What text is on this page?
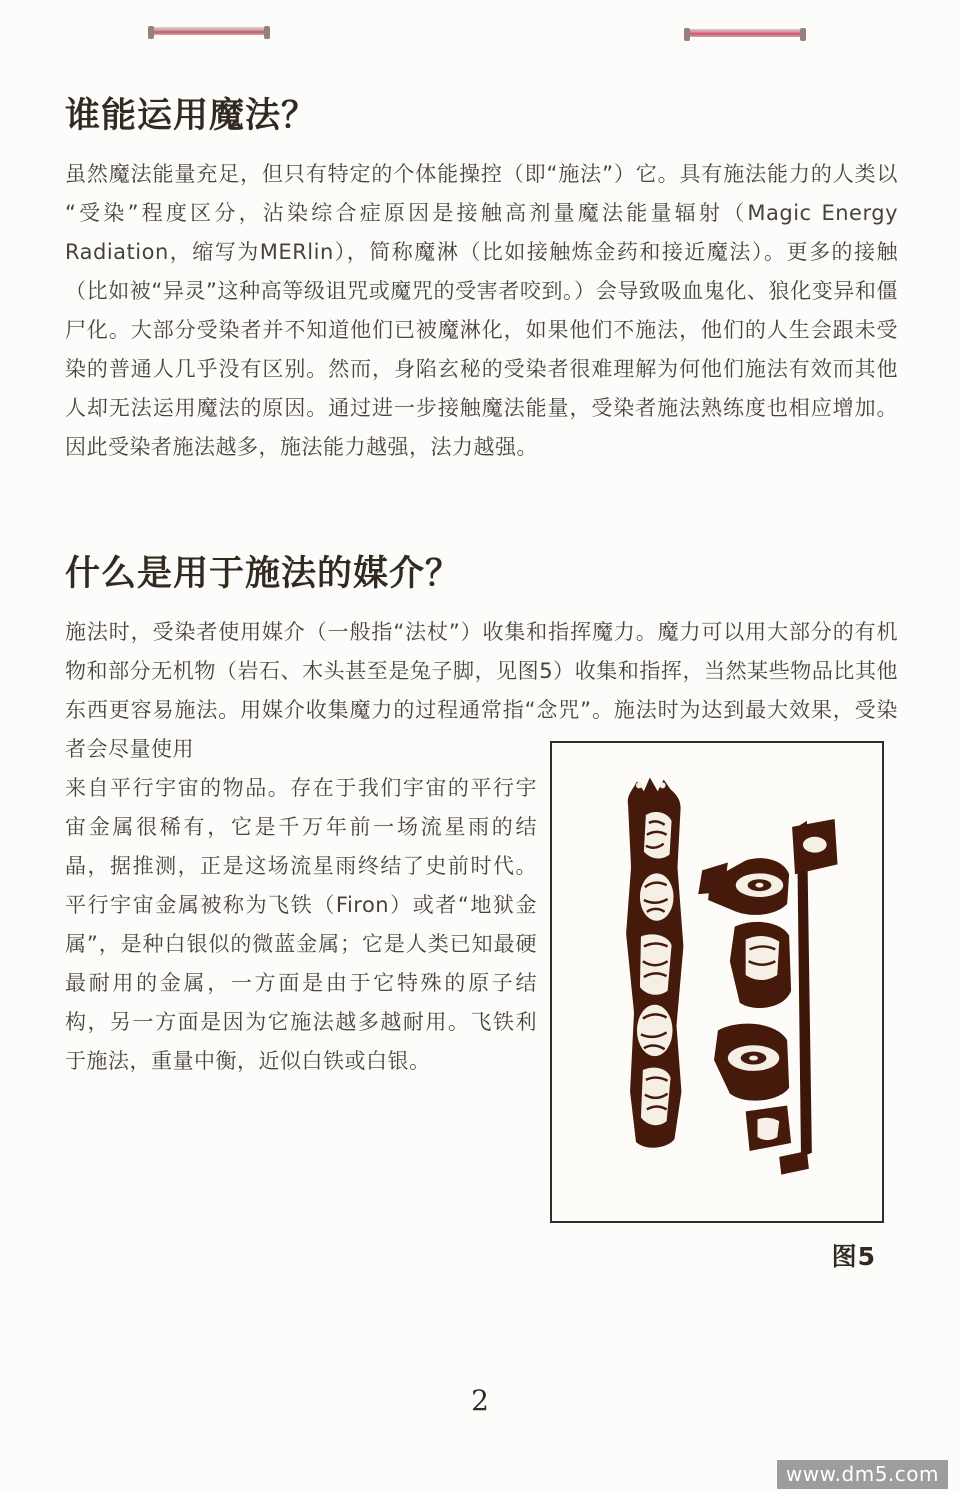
谁能运用魔法？

虽然魔法能量充足，但只有特定的个体能操控（即“施法”）它。具有施法能力的人类以“受染”程度区分，沾染综合症原因是接触高剂量魔法能量辐射（Magic Energy Radiation，缩写为MERlin），简称魔淋（比如接触炼金药和接近魔法）。更多的接触（比如被“异灵”这种高等级诅咒或魔咒的受害者咬到。）会导致吸血鬼化、狼化变异和僵尸化。大部分受染者并不知道他们已被魔淋化，如果他们不施法，他们的人生会跟未受染的普通人几乎没有区别。然而，身陷玄秘的受染者很难理解为何他们施法有效而其他人却无法运用魔法的原因。通过进一步接触魔法能量，受染者施法熟练度也相应增加。因此受染者施法越多，施法能力越强，法力越强。

什么是用于施法的媒介？
图5

施法时，受染者使用媒介（一般指“法杖”）收集和指挥魔力。魔力可以用大部分的有机物和部分无机物（岩石、木头甚至是兔子脚，见图5）收集和指挥，当然某些物品比其他东西更容易施法。用媒介收集魔力的过程通常指“念咒”。施法时为达到最大效果，受染者会尽量使用

来自平行宇宙的物品。存在于我们宇宙的平行宇宙金属很稀有，它是千万年前一场流星雨的结晶，据推测，正是这场流星雨终结了史前时代。平行宇宙金属被称为飞铁（Firon）或者“地狱金属”，是种白银似的微蓝金属；它是人类已知最硬最耐用的金属，一方面是由于它特殊的原子结构，另一方面是因为它施法越多越耐用。飞铁利于施法，重量中衡，近似白铁或白银。

2
www.dm5.com
